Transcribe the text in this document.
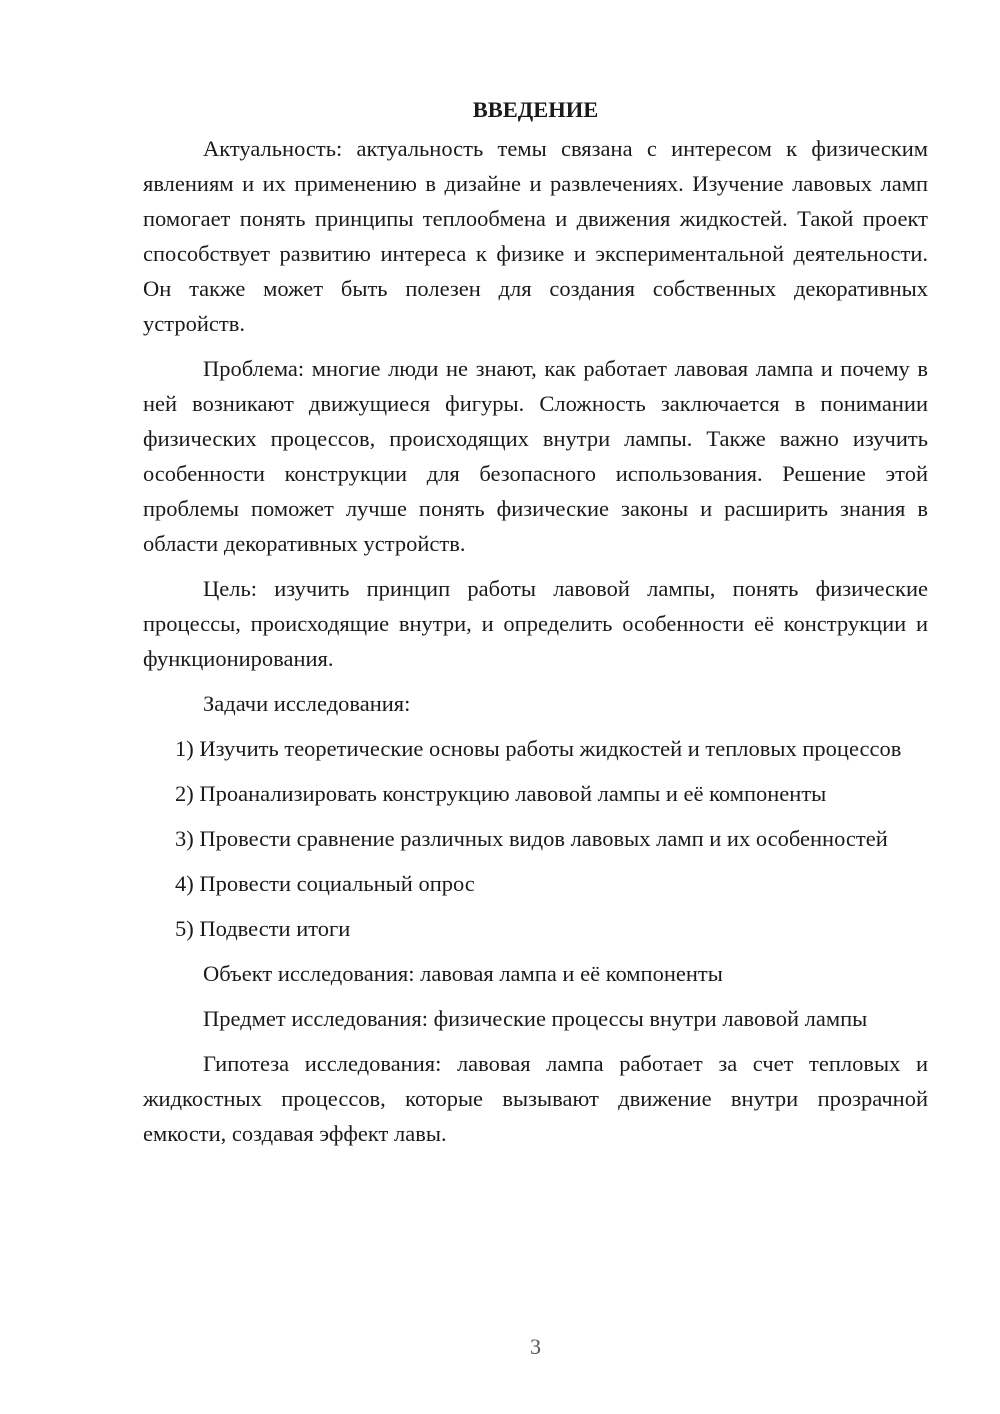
ВВЕДЕНИЕ

Актуальность: актуальность темы связана с интересом к физическим явлениям и их применению в дизайне и развлечениях. Изучение лавовых ламп помогает понять принципы теплообмена и движения жидкостей. Такой проект способствует развитию интереса к физике и экспериментальной деятельности. Он также может быть полезен для создания собственных декоративных устройств.

Проблема: многие люди не знают, как работает лавовая лампа и почему в ней возникают движущиеся фигуры. Сложность заключается в понимании физических процессов, происходящих внутри лампы. Также важно изучить особенности конструкции для безопасного использования. Решение этой проблемы поможет лучше понять физические законы и расширить знания в области декоративных устройств.

Цель: изучить принцип работы лавовой лампы, понять физические процессы, происходящие внутри, и определить особенности её конструкции и функционирования.

Задачи исследования:

1) Изучить теоретические основы работы жидкостей и тепловых процессов

2) Проанализировать конструкцию лавовой лампы и её компоненты

3) Провести сравнение различных видов лавовых ламп и их особенностей

4) Провести социальный опрос

5) Подвести итоги

Объект исследования: лавовая лампа и её компоненты

Предмет исследования: физические процессы внутри лавовой лампы

Гипотеза исследования: лавовая лампа работает за счет тепловых и жидкостных процессов, которые вызывают движение внутри прозрачной емкости, создавая эффект лавы.

3
